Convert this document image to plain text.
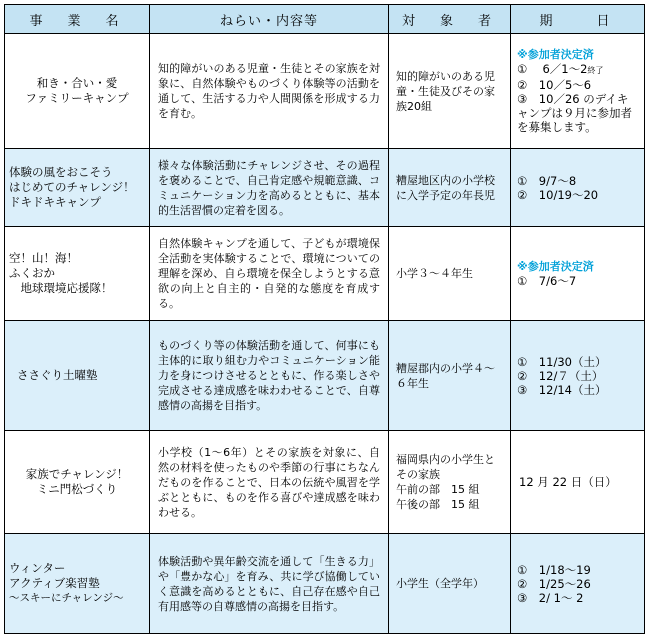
事　業　名	ねらい・内容等	対　象　者	期　　日

和き・合い・愛
ファミリーキャンプ	知的障がいのある児童・生徒とその家族を対象に、自然体験やものづくり体験等の活動を通して、生活する力や人間関係を形成する力を育む。	知的障がいのある児童・生徒及びその家族20組	※参加者決定済
①　 6／1～2終了
②　10／5～6
③　10／26 のデイキャンプは９月に参加者を募集します。

体験の風をおこそう
はじめてのチャレンジ！
ドキドキキャンプ	様々な体験活動にチャレンジさせ、その過程を褒めることで、自己肯定感や規範意識、コミュニケーション力を高めるとともに、基本的生活習慣の定着を図る。	糟屋地区内の小学校に入学予定の年長児	①　9/7～8
②　10/19～20

空！山！海！
ふくおか
　地球環境応援隊！	自然体験キャンプを通して、子どもが環境保全活動を実体験することで、環境についての理解を深め、自ら環境を保全しようとする意欲の向上と自主的・自発的な態度を育成する。	小学３～４年生	※参加者決定済
①　7/6～7

ささぐり土曜塾	ものづくり等の体験活動を通して、何事にも主体的に取り組む力やコミュニケーション能力を身につけさせるとともに、作る楽しさや完成させる達成感を味わわせることで、自尊感情の高揚を目指す。	糟屋郡内の小学４～６年生	①　11/30（土）
②　12/７（土）
③　12/14（土）

家族でチャレンジ！
ミニ門松づくり	小学校（1～6年）とその家族を対象に、自然の材料を使ったものや季節の行事にちなんだものを作ることで、日本の伝統や風習を学ぶとともに、ものを作る喜びや達成感を味わわせる。	福岡県内の小学生とその家族
午前の部　15 組
午後の部　15 組	12 月 22 日（日）

ウィンター
アクティブ楽習塾
～スキーにチャレンジ～	体験活動や異年齢交流を通して「生きる力」や「豊かな心」を育み、共に学び協働していく意識を高めるとともに、自己存在感や自己有用感等の自尊感情の高揚を目指す。	小学生（全学年）	①　1/18～19
②　1/25～26
③　2/ 1～ 2
